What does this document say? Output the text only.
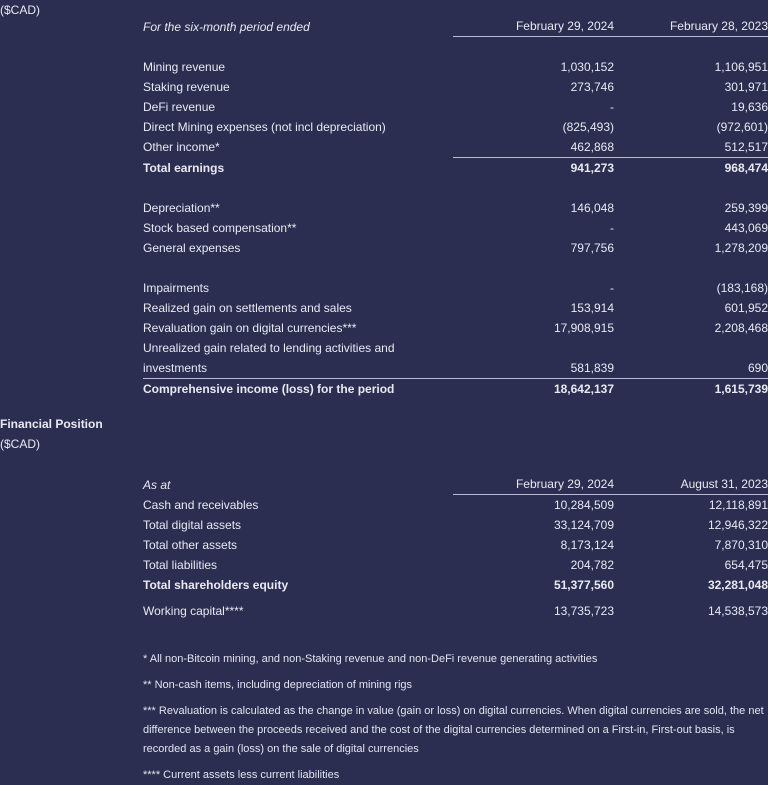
($CAD)
For the six-month period ended	February 29, 2024	February 28, 2023

Mining revenue	1,030,152	1,106,951
Staking revenue	273,746	301,971
DeFi revenue	-	19,636
Direct Mining expenses (not incl depreciation)	(825,493)	(972,601)
Other income*	462,868	512,517
Total earnings	941,273	968,474

Depreciation**	146,048	259,399
Stock based compensation**	-	443,069
General expenses	797,756	1,278,209

Impairments	-	(183,168)
Realized gain on settlements and sales	153,914	601,952
Revaluation gain on digital currencies***	17,908,915	2,208,468
Unrealized gain related to lending activities and investments		
	581,839	690
Comprehensive income (loss) for the period	18,642,137	1,615,739
Financial Position
($CAD)
As at	February 29, 2024	August 31, 2023
Cash and receivables	10,284,509	12,118,891
Total digital assets	33,124,709	12,946,322
Total other assets	8,173,124	7,870,310
Total liabilities	204,782	654,475
Total shareholders equity	51,377,560	32,281,048

Working capital****	13,735,723	14,538,573
* All non-Bitcoin mining, and non-Staking revenue and non-DeFi revenue generating activities
** Non-cash items, including depreciation of mining rigs
*** Revaluation is calculated as the change in value (gain or loss) on digital currencies. When digital currencies are sold, the net difference between the proceeds received and the cost of the digital currencies determined on a First-in, First-out basis, is recorded as a gain (loss) on the sale of digital currencies
**** Current assets less current liabilities
